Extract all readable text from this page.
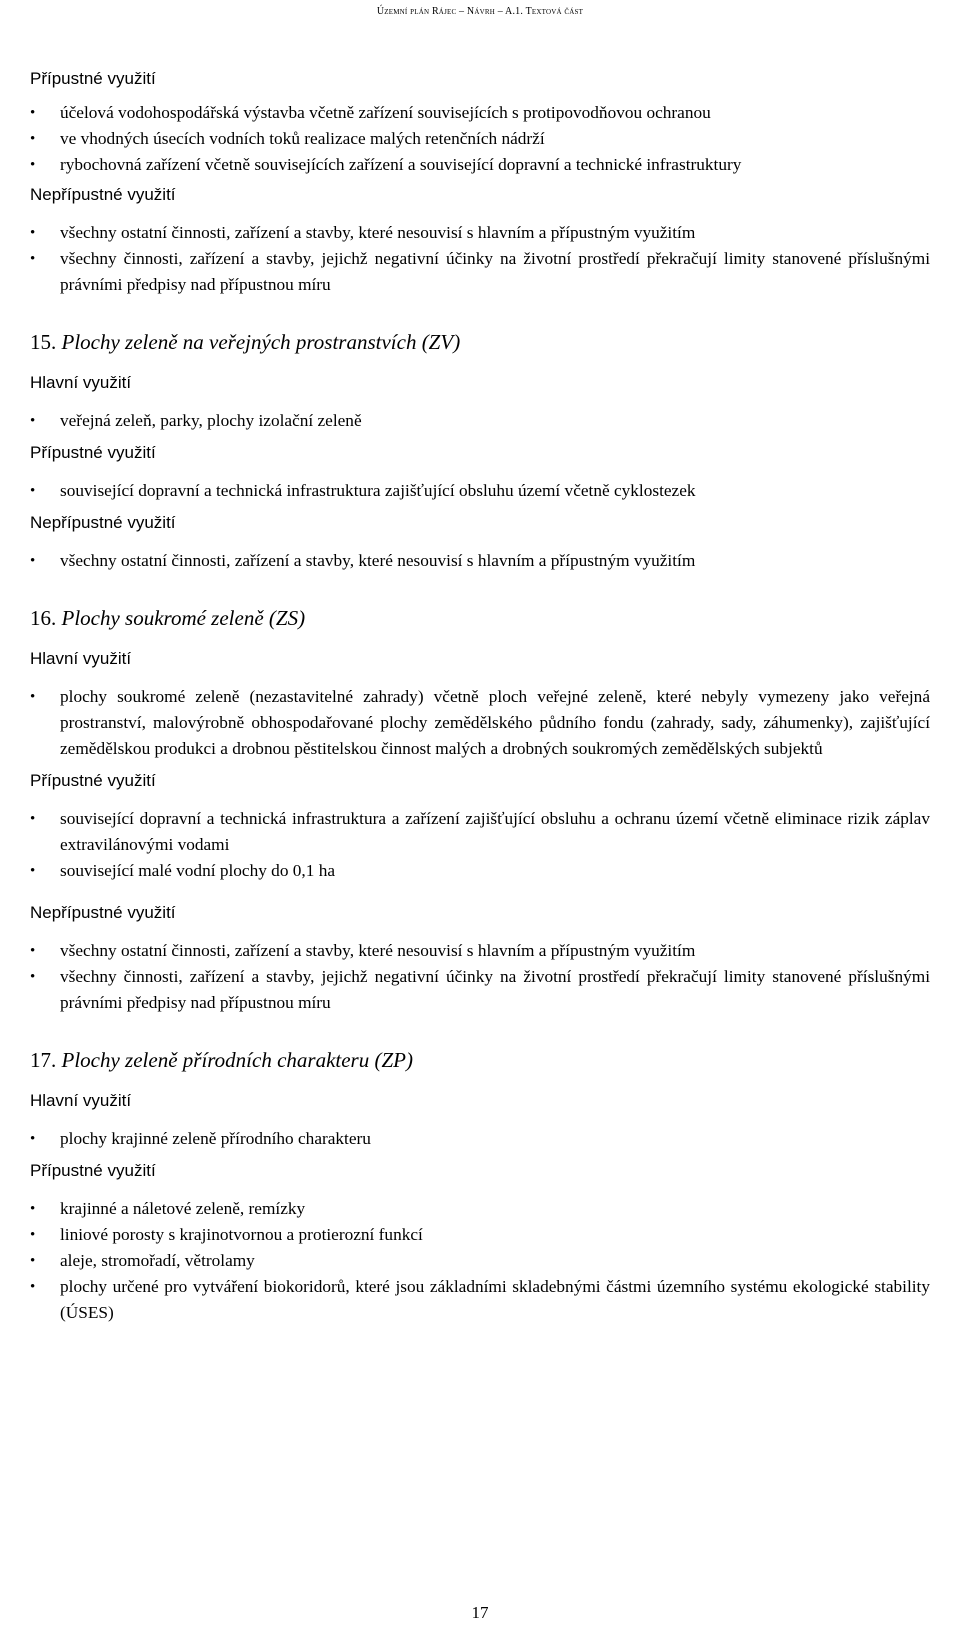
Územní plán Rájec – Návrh – A.1. Textová část

Přípustné využití

• účelová vodohospodářská výstavba včetně zařízení souvisejících s protipovodňovou ochranou
• ve vhodných úsecích vodních toků realizace malých retenčních nádrží
• rybochovná zařízení včetně souvisejících zařízení a související dopravní a technické infrastruktury

Nepřípustné využití

• všechny ostatní činnosti, zařízení a stavby, které nesouvisí s hlavním a přípustným využitím
• všechny činnosti, zařízení a stavby, jejichž negativní účinky na životní prostředí překračují limity stanovené příslušnými právními předpisy nad přípustnou míru

15. Plochy zeleně na veřejných prostranstvích (ZV)

Hlavní využití

• veřejná zeleň, parky, plochy izolační zeleně

Přípustné využití

• související dopravní a technická infrastruktura zajišťující obsluhu území včetně cyklostezek

Nepřípustné využití

• všechny ostatní činnosti, zařízení a stavby, které nesouvisí s hlavním a přípustným využitím

16. Plochy soukromé zeleně (ZS)

Hlavní využití

• plochy soukromé zeleně (nezastavitelné zahrady) včetně ploch veřejné zeleně, které nebyly vymezeny jako veřejná prostranství, malovýrobně obhospodařované plochy zemědělského půdního fondu (zahrady, sady, záhumenky), zajišťující zemědělskou produkci a drobnou pěstitelskou činnost malých a drobných soukromých zemědělských subjektů

Přípustné využití

• související dopravní a technická infrastruktura a zařízení zajišťující obsluhu a ochranu území včetně eliminace rizik záplav extravilánovými vodami
• související malé vodní plochy do 0,1 ha

Nepřípustné využití

• všechny ostatní činnosti, zařízení a stavby, které nesouvisí s hlavním a přípustným využitím
• všechny činnosti, zařízení a stavby, jejichž negativní účinky na životní prostředí překračují limity stanovené příslušnými právními předpisy nad přípustnou míru

17. Plochy zeleně přírodních charakteru (ZP)

Hlavní využití

• plochy krajinné zeleně přírodního charakteru

Přípustné využití

• krajinné a náletové zeleně, remízky
• liniové porosty s krajinotvornou a protierozní funkcí
• aleje, stromořadí, větrolamy
• plochy určené pro vytváření biokoridorů, které jsou základními skladebnými částmi územního systému ekologické stability (ÚSES)
17
